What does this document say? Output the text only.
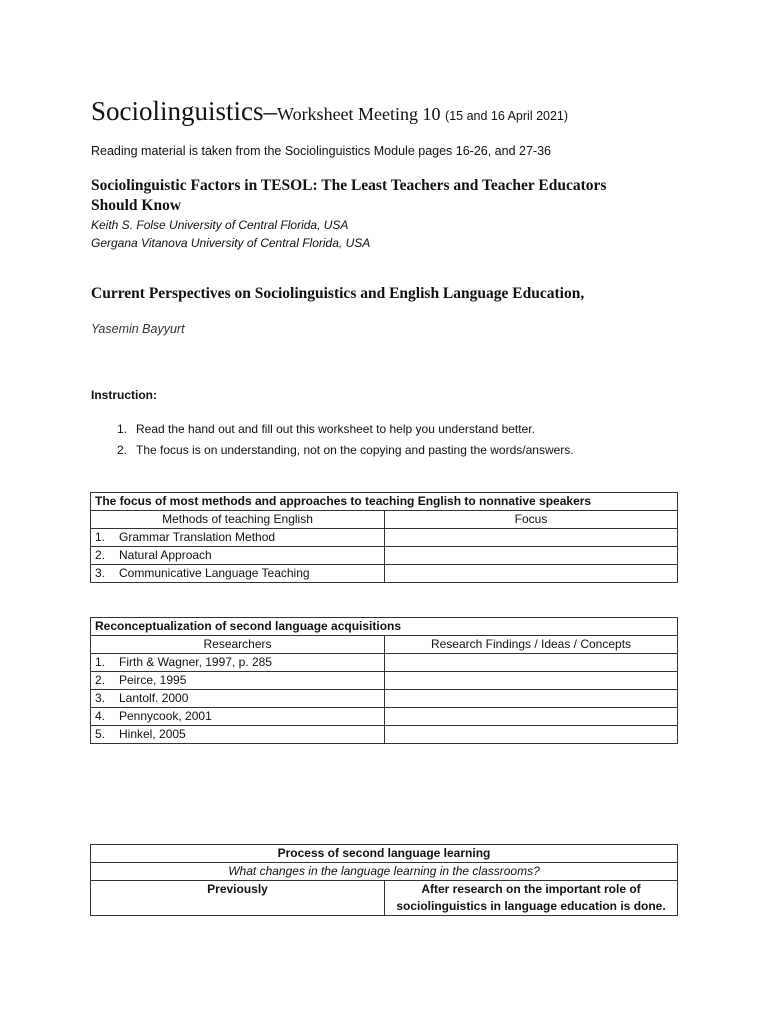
Sociolinguistics–Worksheet Meeting 10 (15 and 16 April 2021)
Reading material is taken from the Sociolinguistics Module pages 16-26, and 27-36
Sociolinguistic Factors in TESOL: The Least Teachers and Teacher Educators Should Know
Keith S. Folse University of Central Florida, USA
Gergana Vitanova University of Central Florida, USA
Current Perspectives on Sociolinguistics and English Language Education,
Yasemin Bayyurt
Instruction:
1. Read the hand out and fill out this worksheet to help you understand better.
2. The focus is on understanding, not on the copying and pasting the words/answers.
The focus of most methods and approaches to teaching English to nonnative speakers	
Methods of teaching English	Focus
1. Grammar Translation Method	
2. Natural Approach	
3. Communicative Language Teaching	
Reconceptualization of second language acquisitions	
Researchers	Research Findings / Ideas / Concepts
1. Firth & Wagner, 1997, p. 285	
2. Peirce, 1995	
3. Lantolf. 2000	
4. Pennycook, 2001	
5. Hinkel, 2005	
Process of second language learning
What changes in the language learning in the classrooms?
Previously	After research on the important role of
sociolinguistics in language education is done.
